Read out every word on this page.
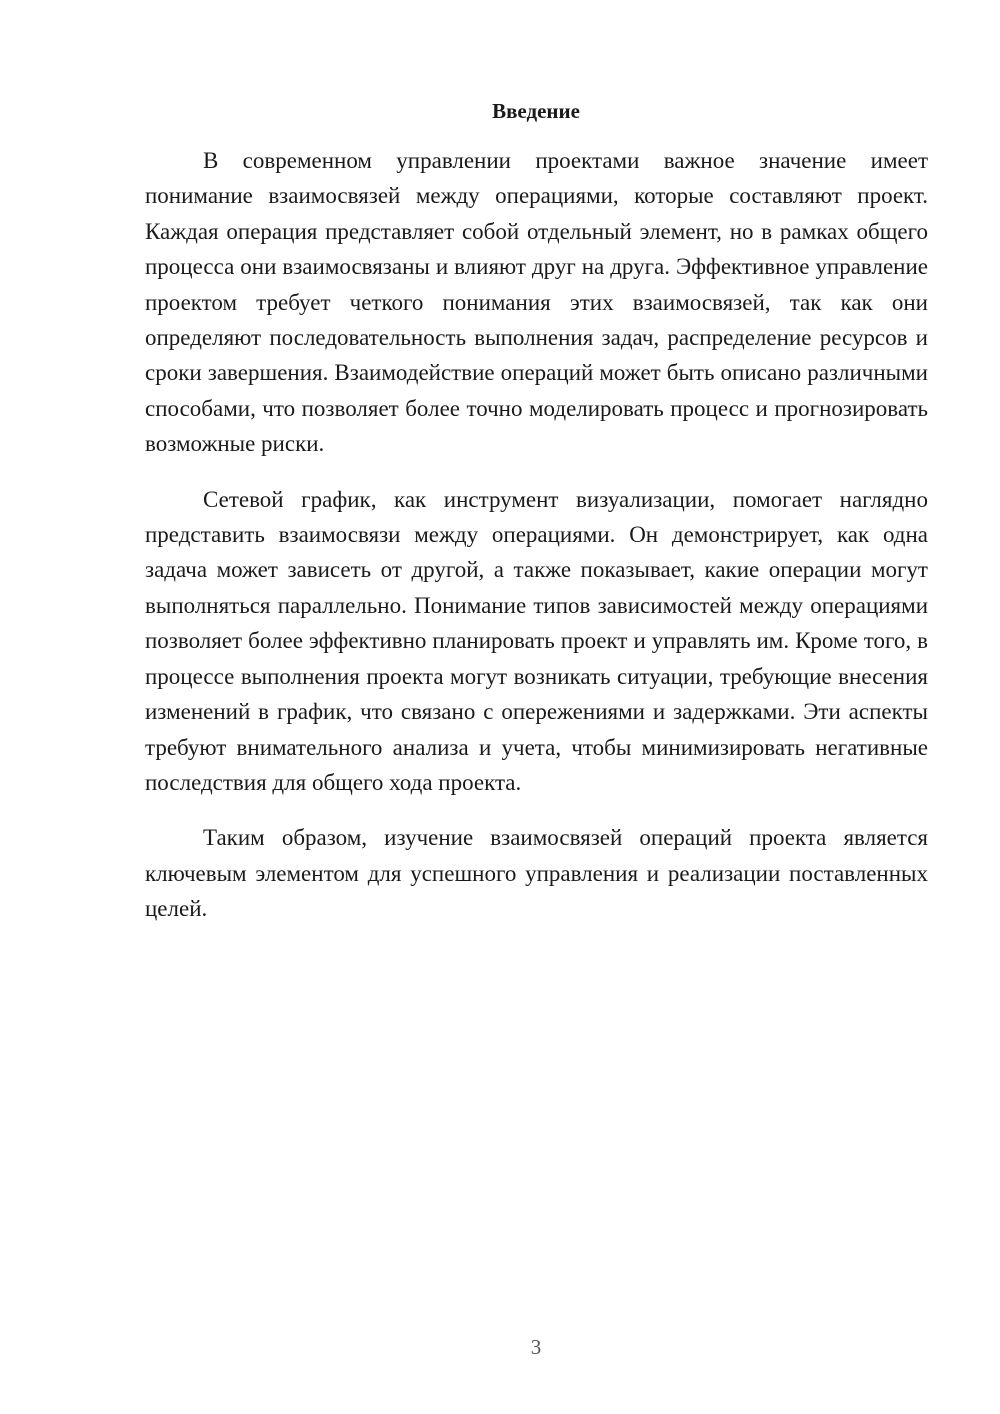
Введение

В современном управлении проектами важное значение имеет понимание взаимосвязей между операциями, которые составляют проект. Каждая операция представляет собой отдельный элемент, но в рамках общего процесса они взаимосвязаны и влияют друг на друга. Эффективное управление проектом требует четкого понимания этих взаимосвязей, так как они определяют последовательность выполнения задач, распределение ресурсов и сроки завершения. Взаимодействие операций может быть описано различными способами, что позволяет более точно моделировать процесс и прогнозировать возможные риски.

Сетевой график, как инструмент визуализации, помогает наглядно представить взаимосвязи между операциями. Он демонстрирует, как одна задача может зависеть от другой, а также показывает, какие операции могут выполняться параллельно. Понимание типов зависимостей между операциями позволяет более эффективно планировать проект и управлять им. Кроме того, в процессе выполнения проекта могут возникать ситуации, требующие внесения изменений в график, что связано с опережениями и задержками. Эти аспекты требуют внимательного анализа и учета, чтобы минимизировать негативные последствия для общего хода проекта.

Таким образом, изучение взаимосвязей операций проекта является ключевым элементом для успешного управления и реализации поставленных целей.

3
